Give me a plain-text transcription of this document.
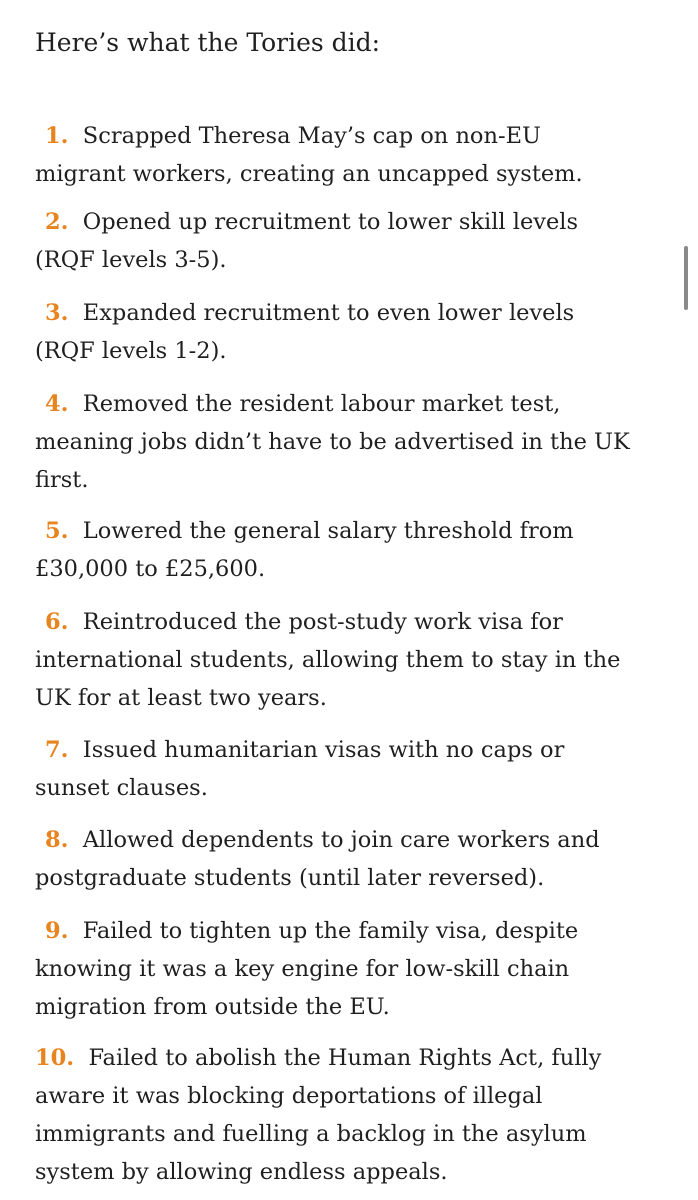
Here’s what the Tories did:
1.  Scrapped Theresa May’s cap on non-EU
migrant workers, creating an uncapped system.
2.  Opened up recruitment to lower skill levels
(RQF levels 3-5).
3.  Expanded recruitment to even lower levels
(RQF levels 1-2).
4.  Removed the resident labour market test,
meaning jobs didn’t have to be advertised in the UK
first.
5.  Lowered the general salary threshold from
£30,000 to £25,600.
6.  Reintroduced the post-study work visa for
international students, allowing them to stay in the
UK for at least two years.
7.  Issued humanitarian visas with no caps or
sunset clauses.
8.  Allowed dependents to join care workers and
postgraduate students (until later reversed).
9.  Failed to tighten up the family visa, despite
knowing it was a key engine for low-skill chain
migration from outside the EU.
10.  Failed to abolish the Human Rights Act, fully
aware it was blocking deportations of illegal
immigrants and fuelling a backlog in the asylum
system by allowing endless appeals.
